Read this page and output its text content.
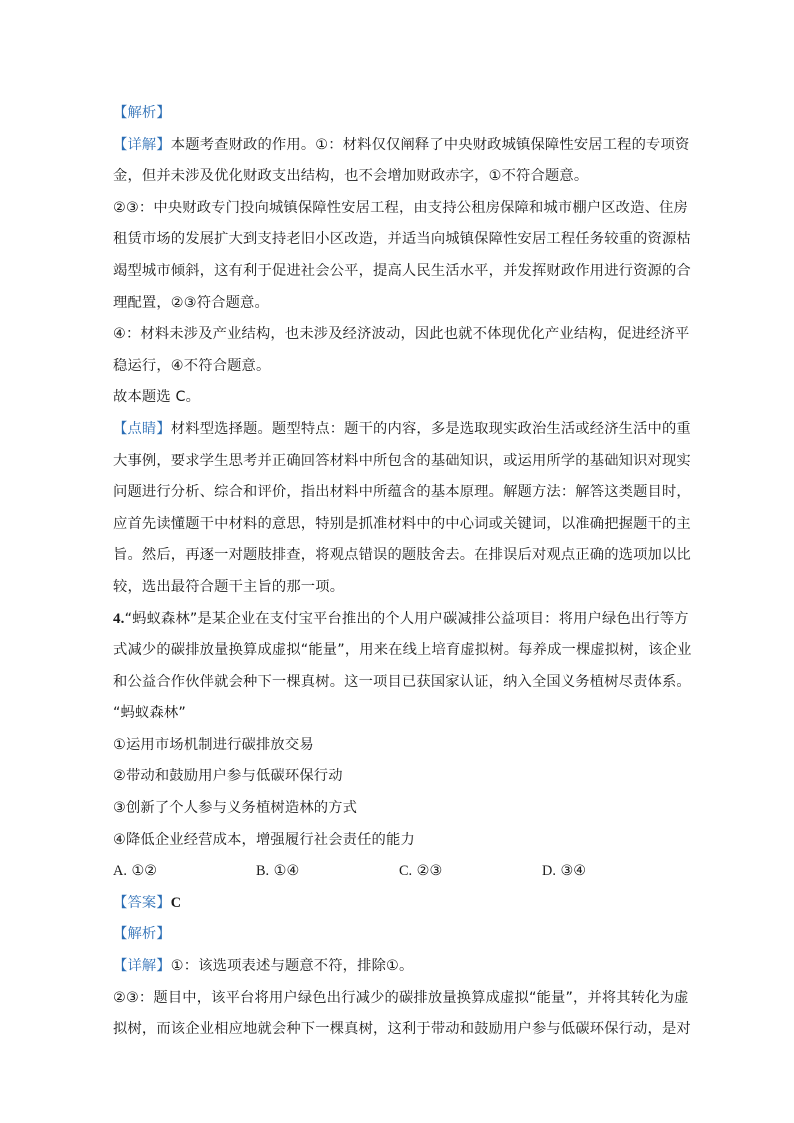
【解析】
【详解】本题考查财政的作用。①：材料仅仅阐释了中央财政城镇保障性安居工程的专项资
金，但并未涉及优化财政支出结构，也不会增加财政赤字，①不符合题意。
②③：中央财政专门投向城镇保障性安居工程，由支持公租房保障和城市棚户区改造、住房
租赁市场的发展扩大到支持老旧小区改造，并适当向城镇保障性安居工程任务较重的资源枯
竭型城市倾斜，这有利于促进社会公平，提高人民生活水平，并发挥财政作用进行资源的合
理配置，②③符合题意。
④：材料未涉及产业结构，也未涉及经济波动，因此也就不体现优化产业结构，促进经济平
稳运行，④不符合题意。
故本题选 C。
【点睛】材料型选择题。题型特点：题干的内容，多是选取现实政治生活或经济生活中的重
大事例，要求学生思考并正确回答材料中所包含的基础知识，或运用所学的基础知识对现实
问题进行分析、综合和评价，指出材料中所蕴含的基本原理。解题方法：解答这类题目时，
应首先读懂题干中材料的意思，特别是抓准材料中的中心词或关键词，以准确把握题干的主
旨。然后，再逐一对题肢排查，将观点错误的题肢舍去。在排误后对观点正确的选项加以比
较，选出最符合题干主旨的那一项。
4.“蚂蚁森林”是某企业在支付宝平台推出的个人用户碳减排公益项目：将用户绿色出行等方
式减少的碳排放量换算成虚拟“能量”，用来在线上培育虚拟树。每养成一棵虚拟树，该企业
和公益合作伙伴就会种下一棵真树。这一项目已获国家认证，纳入全国义务植树尽责体系。
“蚂蚁森林”
①运用市场机制进行碳排放交易
②带动和鼓励用户参与低碳环保行动
③创新了个人参与义务植树造林的方式
④降低企业经营成本，增强履行社会责任的能力
A. ①②	B. ①④	C. ②③	D. ③④
【答案】C
【解析】
【详解】①：该选项表述与题意不符，排除①。
②③：题目中，该平台将用户绿色出行减少的碳排放量换算成虚拟“能量”，并将其转化为虚
拟树，而该企业相应地就会种下一棵真树，这利于带动和鼓励用户参与低碳环保行动，是对
